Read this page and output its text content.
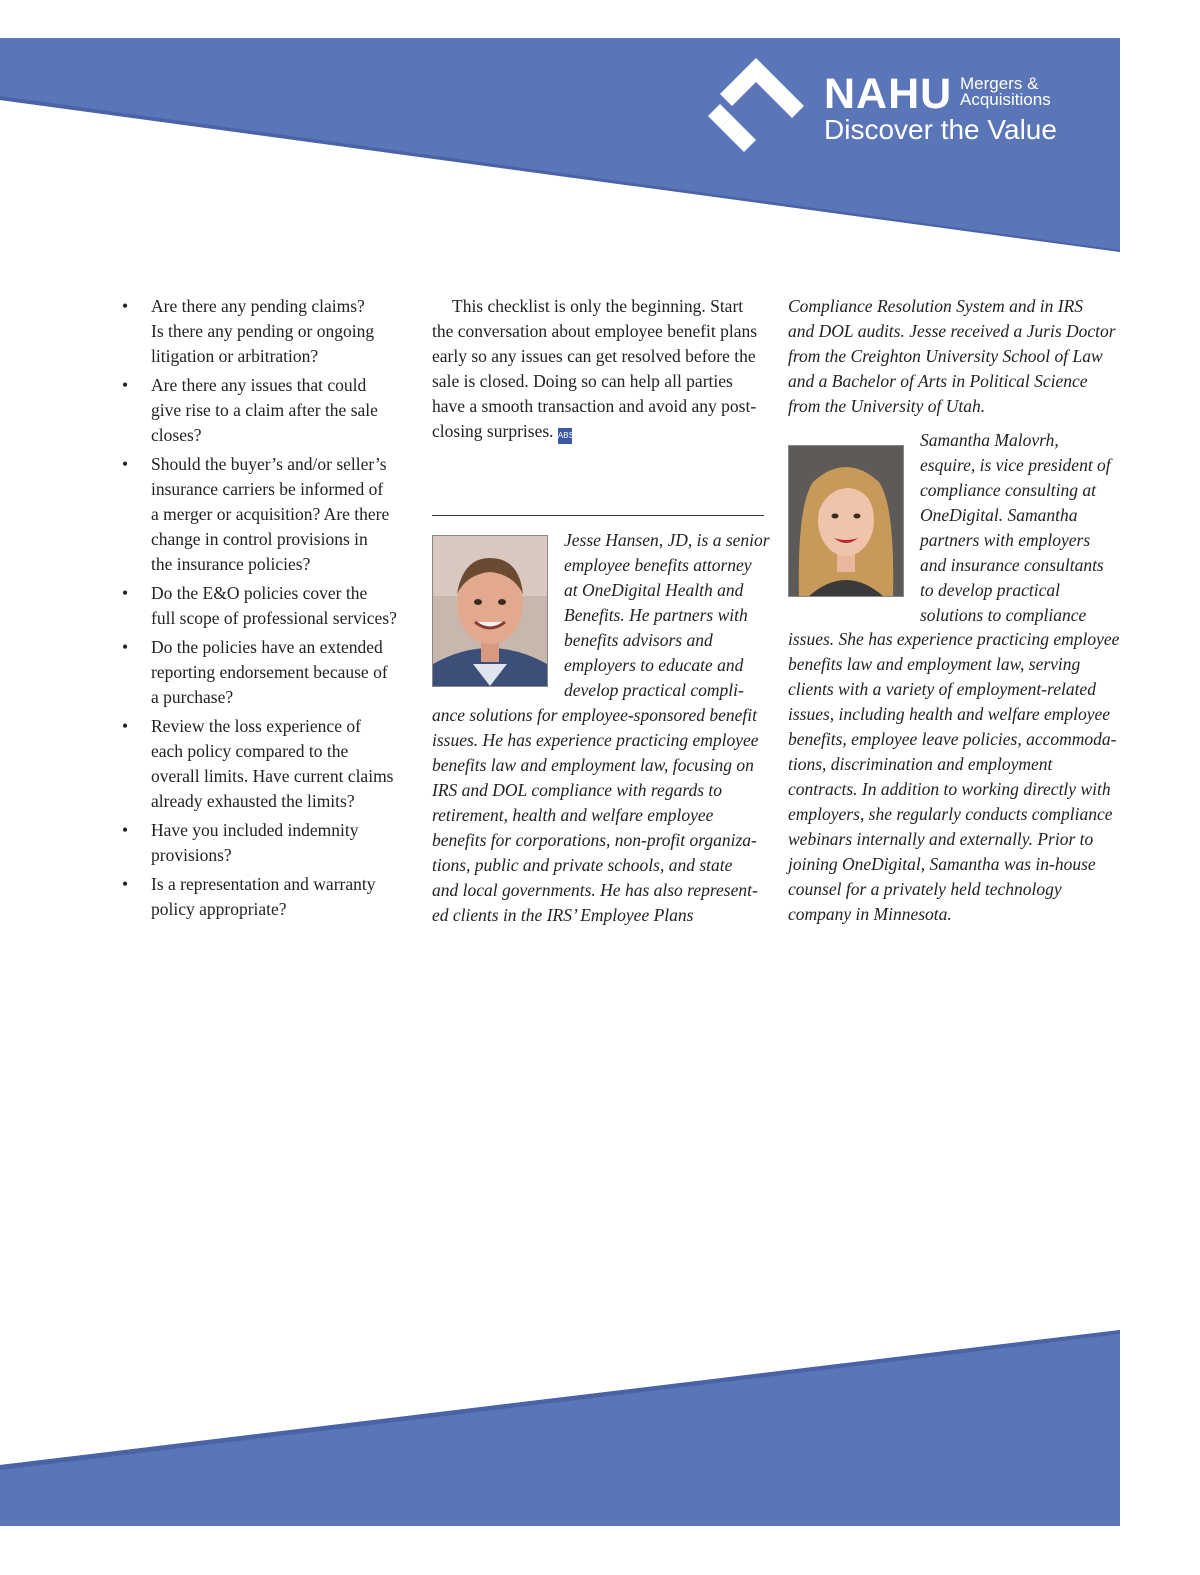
NAHU Mergers &
Acquisitions
Discover the Value
• Are there any pending claims?
Is there any pending or ongoing
litigation or arbitration?
• Are there any issues that could
give rise to a claim after the sale
closes?
• Should the buyer’s and/or seller’s
insurance carriers be informed of
a merger or acquisition? Are there
change in control provisions in
the insurance policies?
• Do the E&O policies cover the
full scope of professional services?
• Do the policies have an extended
reporting endorsement because of
a purchase?
• Review the loss experience of
each policy compared to the
overall limits. Have current claims
already exhausted the limits?
• Have you included indemnity
provisions?
• Is a representation and warranty
policy appropriate?

This checklist is only the beginning. Start the conversation about employee benefit plans early so any issues can get resolved before the sale is closed. Doing so can help all parties have a smooth transaction and avoid any post-closing surprises. ABS

Jesse Hansen, JD, is a senior
employee benefits attorney
at OneDigital Health and
Benefits. He partners with
benefits advisors and
employers to educate and
develop practical compli-
ance solutions for employee-sponsored benefit
issues. He has experience practicing employee
benefits law and employment law, focusing on
IRS and DOL compliance with regards to
retirement, health and welfare employee
benefits for corporations, non-profit organiza-
tions, public and private schools, and state
and local governments. He has also represent-
ed clients in the IRS’ Employee Plans
Compliance Resolution System and in IRS
and DOL audits. Jesse received a Juris Doctor
from the Creighton University School of Law
and a Bachelor of Arts in Political Science
from the University of Utah.
Samantha Malovrh,
esquire, is vice president of
compliance consulting at
OneDigital. Samantha
partners with employers
and insurance consultants
to develop practical
solutions to compliance
issues. She has experience practicing employee
benefits law and employment law, serving
clients with a variety of employment-related
issues, including health and welfare employee
benefits, employee leave policies, accommoda-
tions, discrimination and employment
contracts. In addition to working directly with
employers, she regularly conducts compliance
webinars internally and externally. Prior to
joining OneDigital, Samantha was in-house
counsel for a privately held technology
company in Minnesota.
benefitspecialistmagazine.com | ABS 19
